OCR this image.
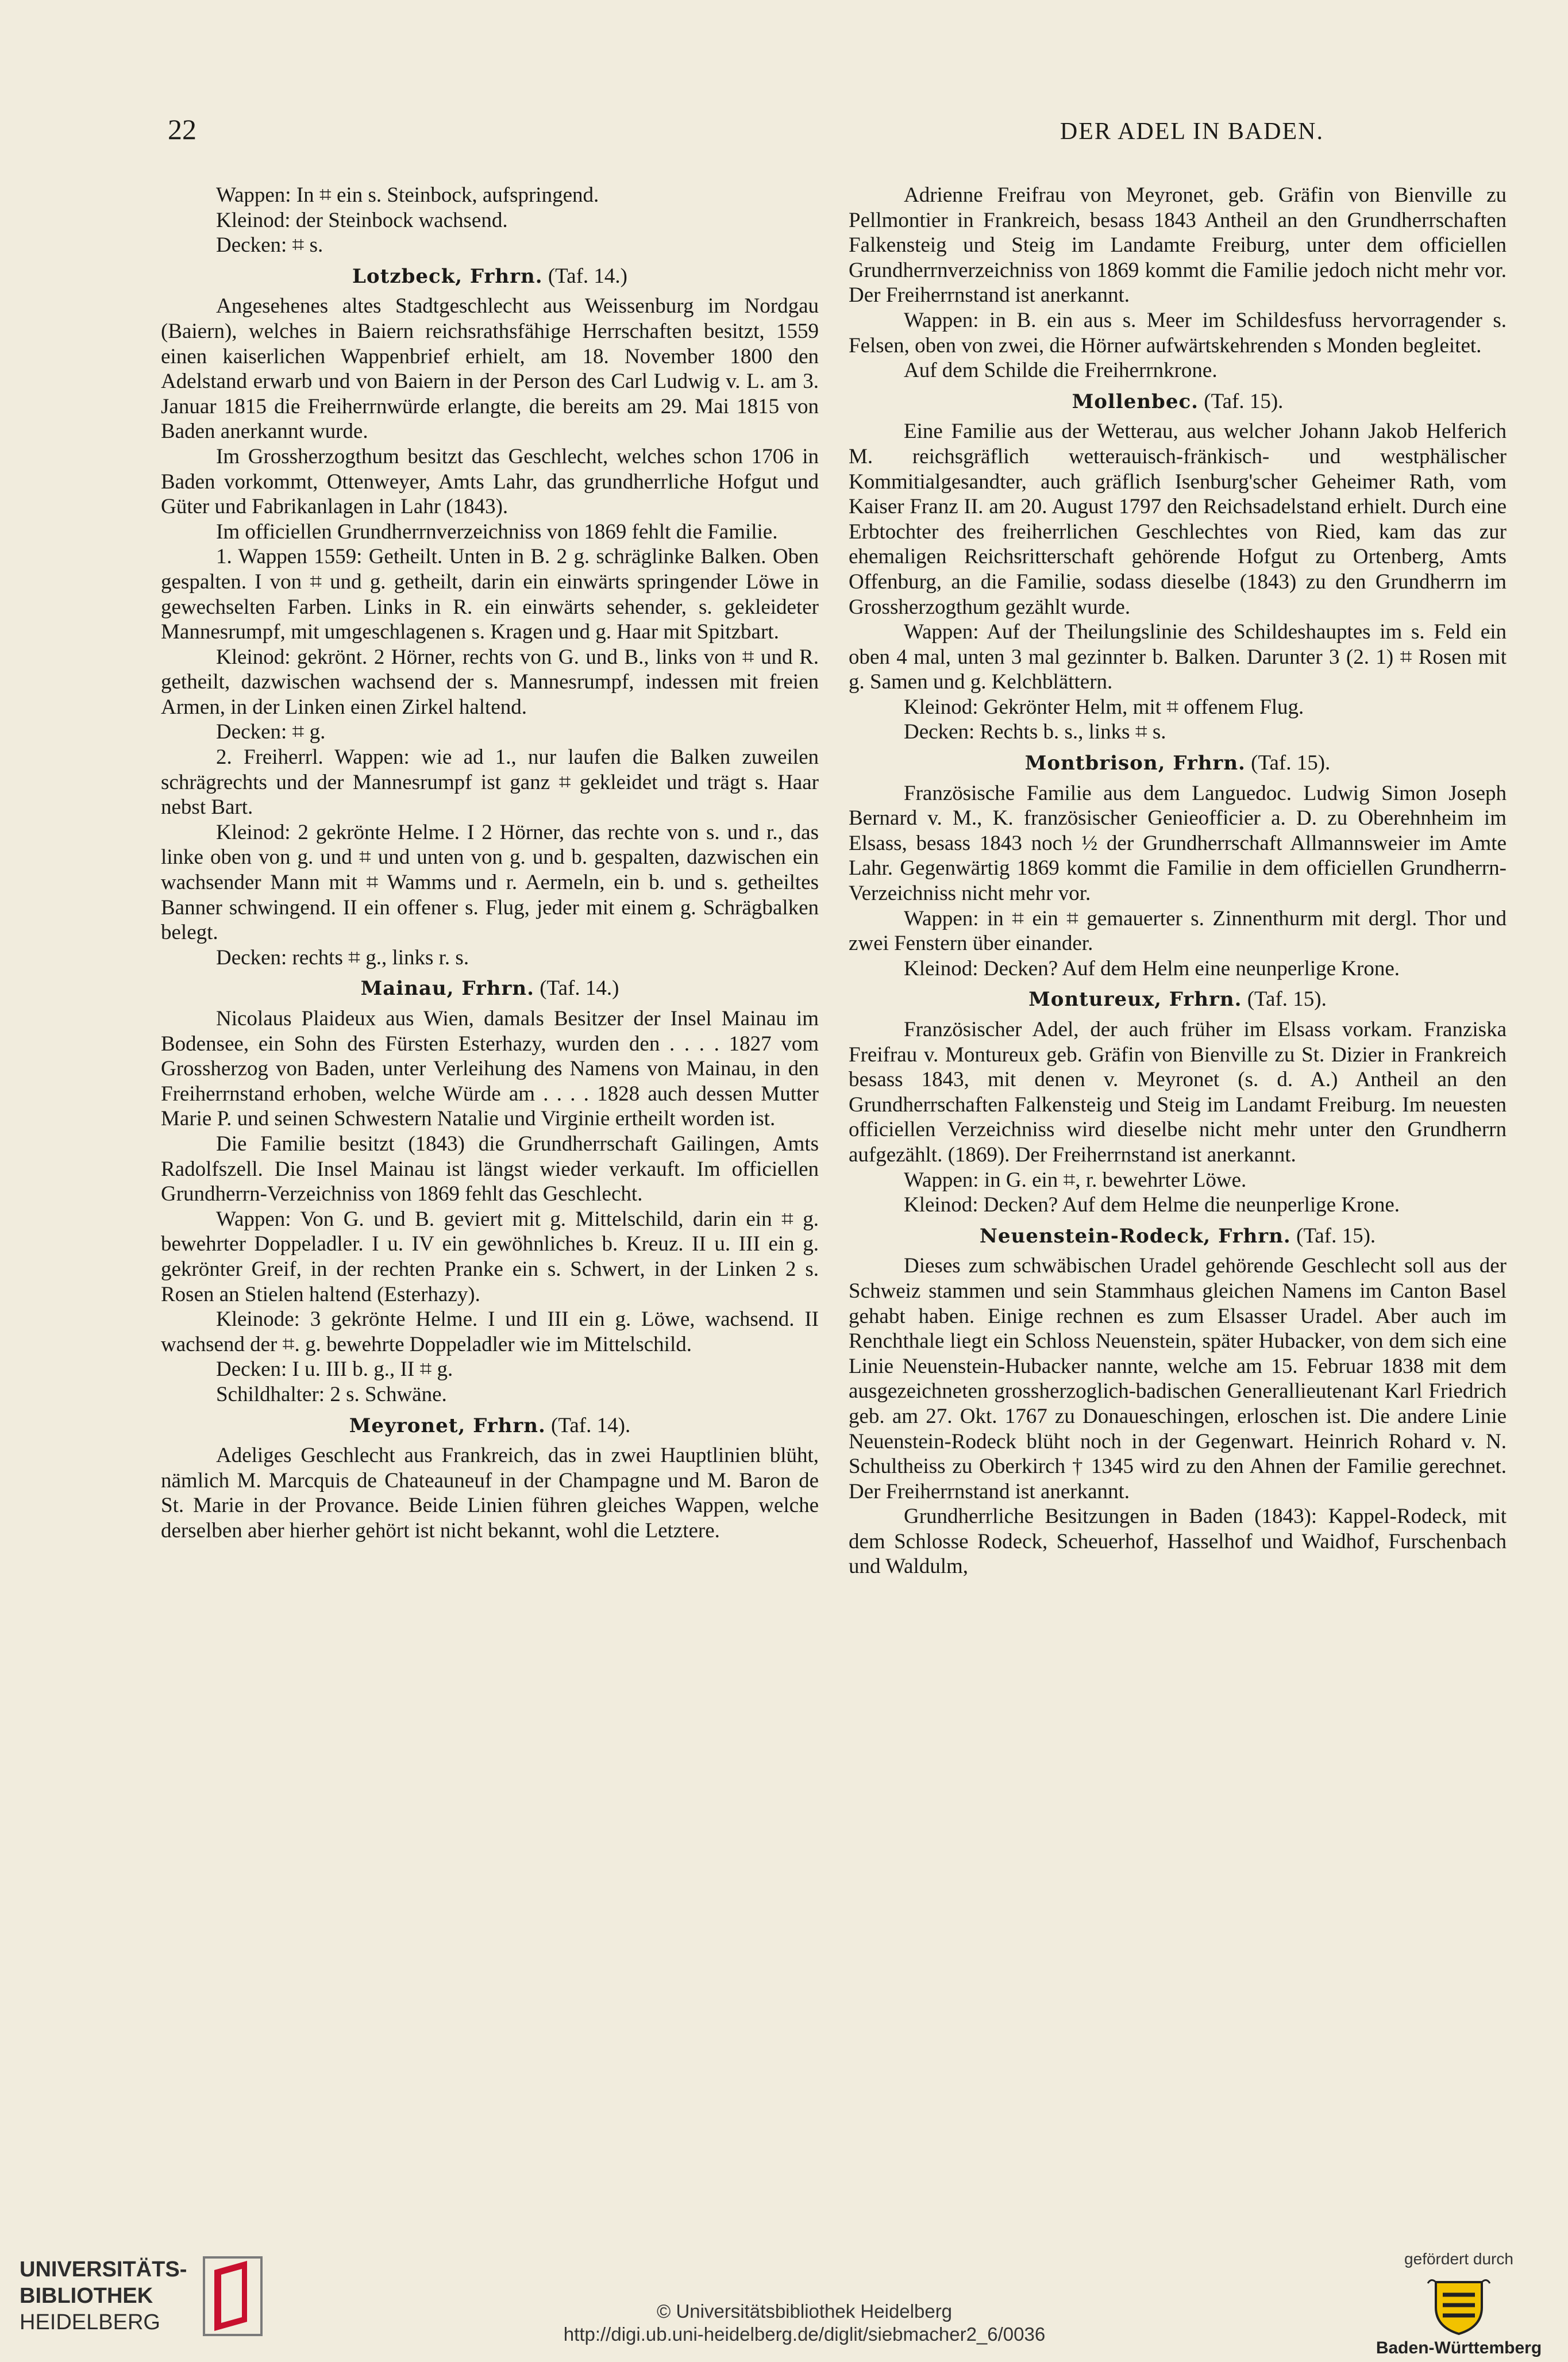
22	DER ADEL IN BADEN.

Wappen: In ⌗ ein s. Steinbock, aufspringend.

Kleinod: der Steinbock wachsend.

Decken: ⌗ s.

Lotzbeck, Frhrn. (Taf. 14.)

Angesehenes altes Stadtgeschlecht aus Weissenburg im Nordgau (Baiern), welches in Baiern reichsrathsfähige Herrschaften besitzt, 1559 einen kaiserlichen Wappenbrief erhielt, am 18. November 1800 den Adelstand erwarb und von Baiern in der Person des Carl Ludwig v. L. am 3. Januar 1815 die Freiherrnwürde erlangte, die bereits am 29. Mai 1815 von Baden anerkannt wurde.

Im Grossherzogthum besitzt das Geschlecht, welches schon 1706 in Baden vorkommt, Ottenweyer, Amts Lahr, das grundherrliche Hofgut und Güter und Fabrikanlagen in Lahr (1843).

Im officiellen Grundherrnverzeichniss von 1869 fehlt die Familie.

1. Wappen 1559: Getheilt. Unten in B. 2 g. schräglinke Balken. Oben gespalten. I von ⌗ und g. getheilt, darin ein einwärts springender Löwe in gewechselten Farben. Links in R. ein einwärts sehender, s. gekleideter Mannesrumpf, mit umgeschlagenen s. Kragen und g. Haar mit Spitzbart.

Kleinod: gekrönt. 2 Hörner, rechts von G. und B., links von ⌗ und R. getheilt, dazwischen wachsend der s. Mannesrumpf, indessen mit freien Armen, in der Linken einen Zirkel haltend.

Decken: ⌗ g.

2. Freiherrl. Wappen: wie ad 1., nur laufen die Balken zuweilen schrägrechts und der Mannesrumpf ist ganz ⌗ gekleidet und trägt s. Haar nebst Bart.

Kleinod: 2 gekrönte Helme. I 2 Hörner, das rechte von s. und r., das linke oben von g. und ⌗ und unten von g. und b. gespalten, dazwischen ein wachsender Mann mit ⌗ Wamms und r. Aermeln, ein b. und s. getheiltes Banner schwingend. II ein offener s. Flug, jeder mit einem g. Schrägbalken belegt.

Decken: rechts ⌗ g., links r. s.

Mainau, Frhrn. (Taf. 14.)

Nicolaus Plaideux aus Wien, damals Besitzer der Insel Mainau im Bodensee, ein Sohn des Fürsten Esterhazy, wurden den . . . . 1827 vom Grossherzog von Baden, unter Verleihung des Namens von Mainau, in den Freiherrnstand erhoben, welche Würde am . . . . 1828 auch dessen Mutter Marie P. und seinen Schwestern Natalie und Virginie ertheilt worden ist.

Die Familie besitzt (1843) die Grundherrschaft Gailingen, Amts Radolfszell. Die Insel Mainau ist längst wieder verkauft. Im officiellen Grundherrn-Verzeichniss von 1869 fehlt das Geschlecht.

Wappen: Von G. und B. geviert mit g. Mittelschild, darin ein ⌗ g. bewehrter Doppeladler. I u. IV ein gewöhnliches b. Kreuz. II u. III ein g. gekrönter Greif, in der rechten Pranke ein s. Schwert, in der Linken 2 s. Rosen an Stielen haltend (Esterhazy).

Kleinode: 3 gekrönte Helme. I und III ein g. Löwe, wachsend. II wachsend der ⌗. g. bewehrte Doppeladler wie im Mittelschild.

Decken: I u. III b. g., II ⌗ g.

Schildhalter: 2 s. Schwäne.

Meyronet, Frhrn. (Taf. 14).

Adeliges Geschlecht aus Frankreich, das in zwei Hauptlinien blüht, nämlich M. Marcquis de Chateauneuf in der Champagne und M. Baron de St. Marie in der Provance. Beide Linien führen gleiches Wappen, welche derselben aber hierher gehört ist nicht bekannt, wohl die Letztere.

Adrienne Freifrau von Meyronet, geb. Gräfin von Bienville zu Pellmontier in Frankreich, besass 1843 Antheil an den Grundherrschaften Falkensteig und Steig im Landamte Freiburg, unter dem officiellen Grundherrnverzeichniss von 1869 kommt die Familie jedoch nicht mehr vor. Der Freiherrnstand ist anerkannt.

Wappen: in B. ein aus s. Meer im Schildesfuss hervorragender s. Felsen, oben von zwei, die Hörner aufwärtskehrenden s Monden begleitet.

Auf dem Schilde die Freiherrnkrone.

Mollenbec. (Taf. 15).

Eine Familie aus der Wetterau, aus welcher Johann Jakob Helferich M. reichsgräflich wetterauisch-fränkisch- und westphälischer Kommitialgesandter, auch gräflich Isenburg'scher Geheimer Rath, vom Kaiser Franz II. am 20. August 1797 den Reichsadelstand erhielt. Durch eine Erbtochter des freiherrlichen Geschlechtes von Ried, kam das zur ehemaligen Reichsritterschaft gehörende Hofgut zu Ortenberg, Amts Offenburg, an die Familie, sodass dieselbe (1843) zu den Grundherrn im Grossherzogthum gezählt wurde.

Wappen: Auf der Theilungslinie des Schildeshauptes im s. Feld ein oben 4 mal, unten 3 mal gezinnter b. Balken. Darunter 3 (2. 1) ⌗ Rosen mit g. Samen und g. Kelchblättern.

Kleinod: Gekrönter Helm, mit ⌗ offenem Flug.

Decken: Rechts b. s., links ⌗ s.

Montbrison, Frhrn. (Taf. 15).

Französische Familie aus dem Languedoc. Ludwig Simon Joseph Bernard v. M., K. französischer Genieofficier a. D. zu Oberehnheim im Elsass, besass 1843 noch ½ der Grundherrschaft Allmannsweier im Amte Lahr. Gegenwärtig 1869 kommt die Familie in dem officiellen Grundherrn-Verzeichniss nicht mehr vor.

Wappen: in ⌗ ein ⌗ gemauerter s. Zinnenthurm mit dergl. Thor und zwei Fenstern über einander.

Kleinod: Decken? Auf dem Helm eine neunperlige Krone.

Montureux, Frhrn. (Taf. 15).

Französischer Adel, der auch früher im Elsass vorkam. Franziska Freifrau v. Montureux geb. Gräfin von Bienville zu St. Dizier in Frankreich besass 1843, mit denen v. Meyronet (s. d. A.) Antheil an den Grundherrschaften Falkensteig und Steig im Landamt Freiburg. Im neuesten officiellen Verzeichniss wird dieselbe nicht mehr unter den Grundherrn aufgezählt. (1869). Der Freiherrnstand ist anerkannt.

Wappen: in G. ein ⌗, r. bewehrter Löwe.

Kleinod: Decken? Auf dem Helme die neunperlige Krone.

Neuenstein-Rodeck, Frhrn. (Taf. 15).

Dieses zum schwäbischen Uradel gehörende Geschlecht soll aus der Schweiz stammen und sein Stammhaus gleichen Namens im Canton Basel gehabt haben. Einige rechnen es zum Elsasser Uradel. Aber auch im Renchthale liegt ein Schloss Neuenstein, später Hubacker, von dem sich eine Linie Neuenstein-Hubacker nannte, welche am 15. Februar 1838 mit dem ausgezeichneten grossherzoglich-badischen Generallieutenant Karl Friedrich geb. am 27. Okt. 1767 zu Donaueschingen, erloschen ist. Die andere Linie Neuenstein-Rodeck blüht noch in der Gegenwart. Heinrich Rohard v. N. Schultheiss zu Oberkirch † 1345 wird zu den Ahnen der Familie gerechnet. Der Freiherrnstand ist anerkannt.

Grundherrliche Besitzungen in Baden (1843): Kappel-Rodeck, mit dem Schlosse Rodeck, Scheuerhof, Hasselhof und Waidhof, Furschenbach und Waldulm,

UNIVERSITÄTS-
BIBLIOTHEK
HEIDELBERG	© Universitätsbibliothek Heidelberg
http://digi.ub.uni-heidelberg.de/diglit/siebmacher2_6/0036
gefördert durch
Baden-Württemberg
